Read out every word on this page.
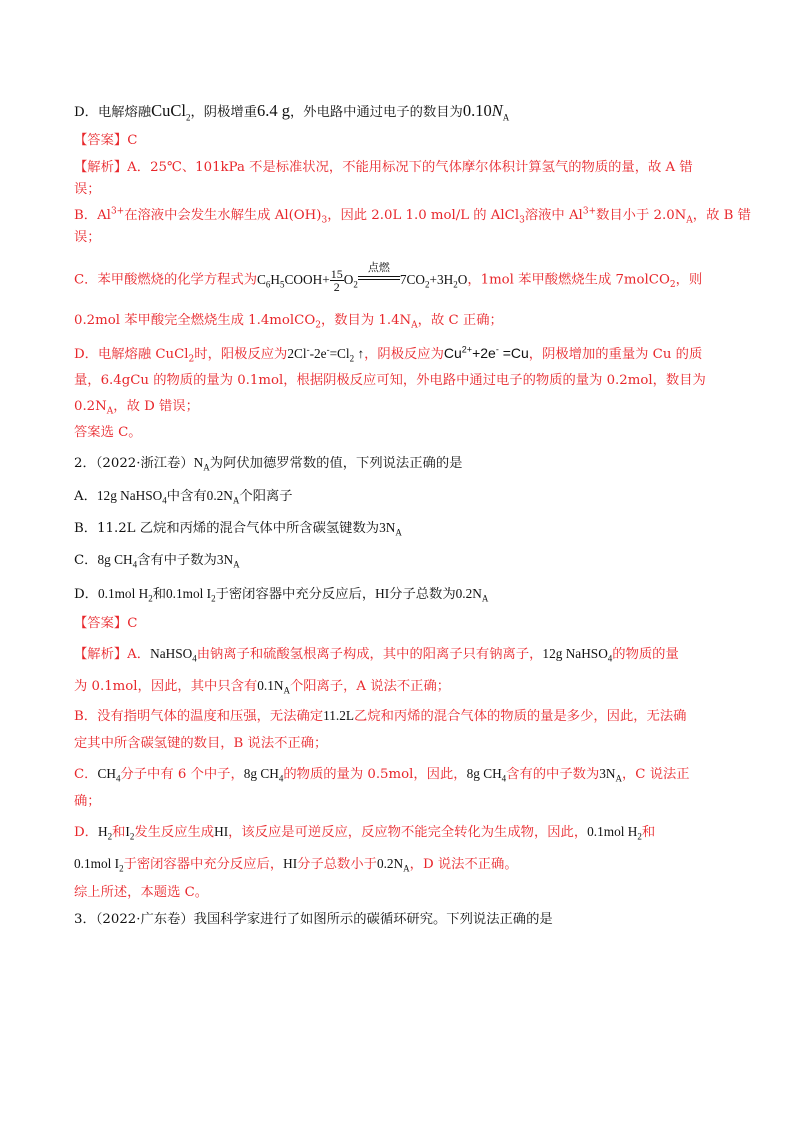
D．电解熔融CuCl$_2$，阴极增重6.4 g，外电路中通过电子的数目为$0.10N_A$
【答案】C
【解析】A．25℃、101kPa 不是标准状况，不能用标况下的气体摩尔体积计算氢气的物质的量，故 A 错
误；
B．$Al^{3+}$在溶液中会发生水解生成 $Al(OH)_3$，因此 2.0L 1.0 mol/L 的 AlCl$_3$溶液中 $Al^{3+}$数目小于 $2.0N_A$，故 B 错
误；
C．苯甲酸燃烧的化学方程式为$C_6H_5COOH+ \frac{15}{2} O_2$
点燃
$7CO_2+3H_2O$，1mol 苯甲酸燃烧生成 7molCO$_2$，则
0.2mol 苯甲酸完全燃烧生成 1.4molCO$_2$，数目为 $1.4N_A$，故 C 正确；
D．电解熔融 CuCl$_2$时，阳极反应为$2Cl^--2e^-=Cl_2$ ↑，阴极反应为$Cu^{2+}+2e^- =Cu$，阴极增加的重量为 Cu 的质
量，6.4gCu 的物质的量为 0.1mol，根据阴极反应可知，外电路中通过电子的物质的量为 0.2mol，数目为
$0.2N_A$，故 D 错误；
答案选 C。
2．（2022·浙江卷）$N_A$为阿伏加德罗常数的值，下列说法正确的是
A．12g NaHSO$_4$中含有$0.2N_A$个阳离子
B．11.2L 乙烷和丙烯的混合气体中所含碳氢键数为$3N_A$
C．8g $CH_4$含有中子数为$3N_A$
D．0.1mol $H_2$和0.1mol $I_2$于密闭容器中充分反应后，HI分子总数为$0.2N_A$
【答案】C
【解析】A．NaHSO$_4$由钠离子和硫酸氢根离子构成，其中的阳离子只有钠离子，12g NaHSO$_4$的物质的量
为 0.1mol，因此，其中只含有$0.1N_A$个阳离子，A 说法不正确；
B．没有指明气体的温度和压强，无法确定11.2L乙烷和丙烯的混合气体的物质的量是多少，因此，无法确
定其中所含碳氢键的数目，B 说法不正确；
C．$CH_4$分子中有 6 个中子，8g $CH_4$的物质的量为 0.5mol，因此，8g $CH_4$含有的中子数为$3N_A$，C 说法正
确；
D．$H_2$和$I_2$发生反应生成HI，该反应是可逆反应，反应物不能完全转化为生成物，因此，0.1mol $H_2$和
0.1mol $I_2$于密闭容器中充分反应后，HI分子总数小于$0.2N_A$，D 说法不正确。
综上所述，本题选 C。
3．（2022·广东卷）我国科学家进行了如图所示的碳循环研究。下列说法正确的是
